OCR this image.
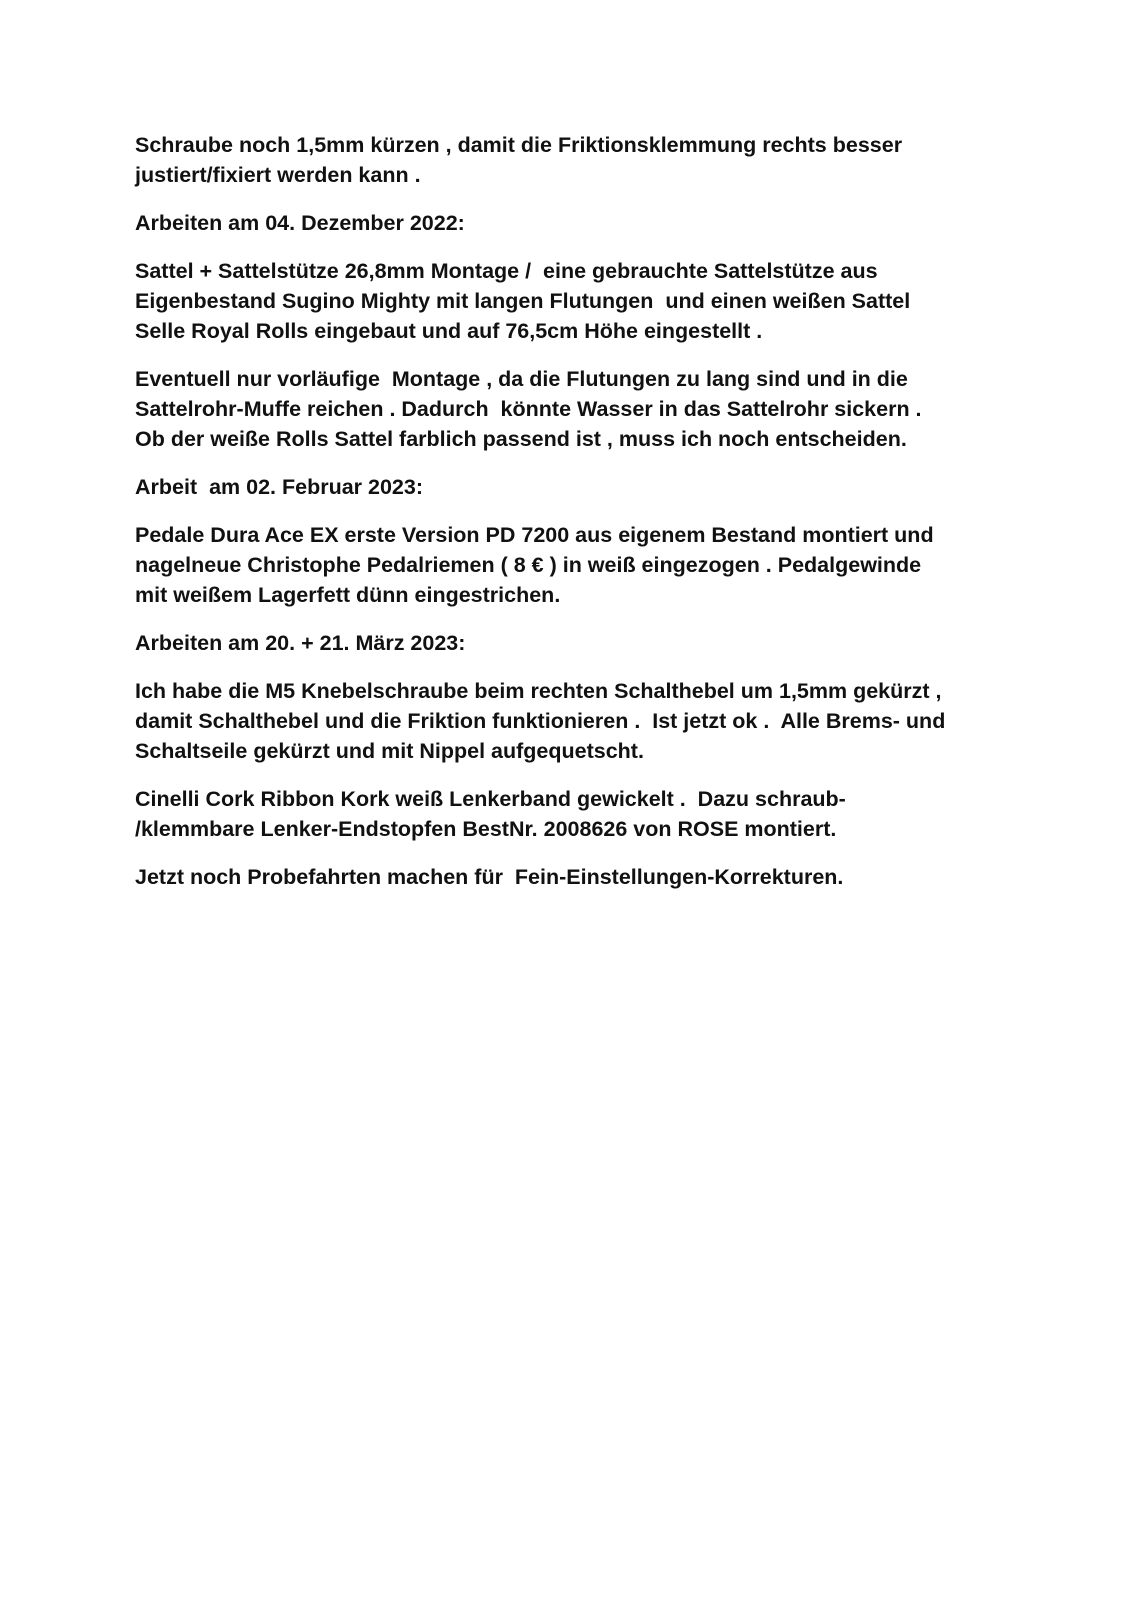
Schraube noch 1,5mm kürzen , damit die Friktionsklemmung rechts besser
justiert/fixiert werden kann .

Arbeiten am 04. Dezember 2022:

Sattel + Sattelstütze 26,8mm Montage /  eine gebrauchte Sattelstütze aus
Eigenbestand Sugino Mighty mit langen Flutungen  und einen weißen Sattel
Selle Royal Rolls eingebaut und auf 76,5cm Höhe eingestellt .

Eventuell nur vorläufige  Montage , da die Flutungen zu lang sind und in die
Sattelrohr-Muffe reichen . Dadurch  könnte Wasser in das Sattelrohr sickern .
Ob der weiße Rolls Sattel farblich passend ist , muss ich noch entscheiden.

Arbeit  am 02. Februar 2023:

Pedale Dura Ace EX erste Version PD 7200 aus eigenem Bestand montiert und
nagelneue Christophe Pedalriemen ( 8 € ) in weiß eingezogen . Pedalgewinde
mit weißem Lagerfett dünn eingestrichen.

Arbeiten am 20. + 21. März 2023:

Ich habe die M5 Knebelschraube beim rechten Schalthebel um 1,5mm gekürzt ,
damit Schalthebel und die Friktion funktionieren .  Ist jetzt ok .  Alle Brems- und
Schaltseile gekürzt und mit Nippel aufgequetscht.

Cinelli Cork Ribbon Kork weiß Lenkerband gewickelt .  Dazu schraub-
/klemmbare Lenker-Endstopfen BestNr. 2008626 von ROSE montiert.

Jetzt noch Probefahrten machen für  Fein-Einstellungen-Korrekturen.
